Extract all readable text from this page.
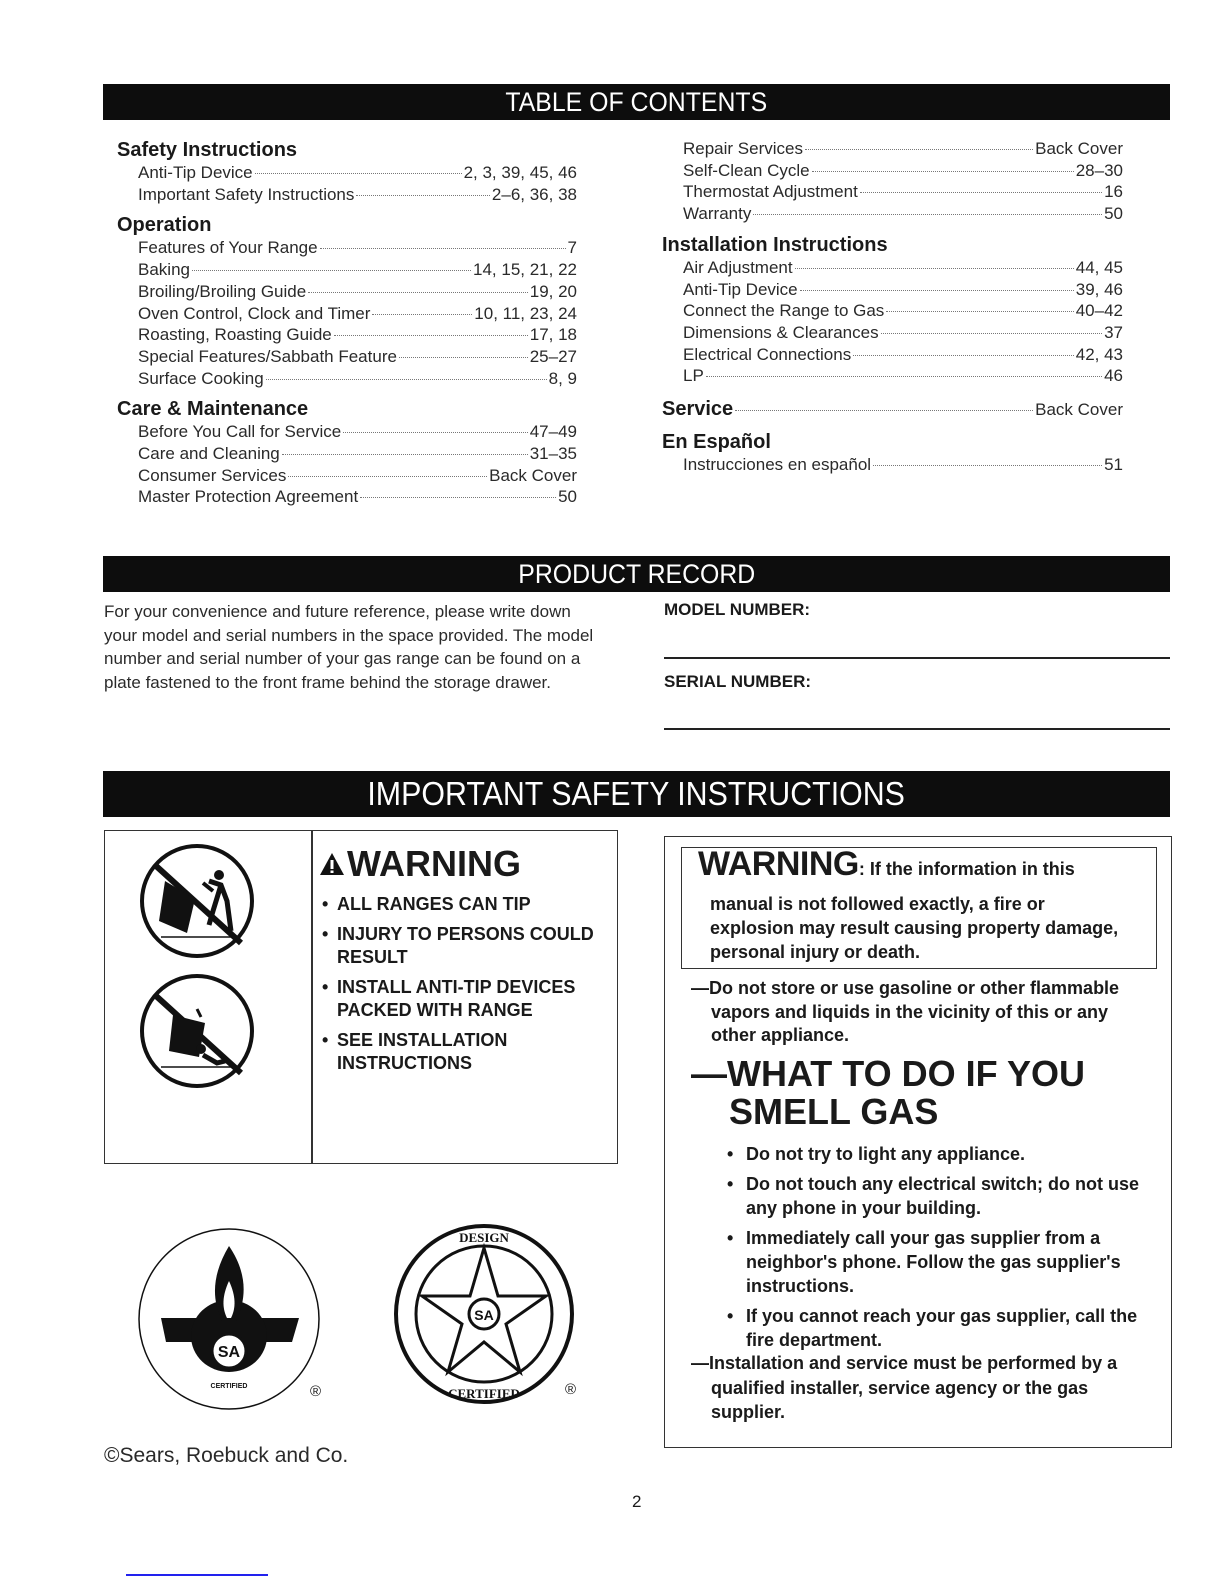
TABLE OF CONTENTS
Safety Instructions
Anti-Tip Device	2, 3, 39, 45, 46
Important Safety Instructions	2–6, 36, 38
Operation
Features of Your Range	7
Baking	14, 15, 21, 22
Broiling/Broiling Guide	19, 20
Oven Control, Clock and Timer	10, 11, 23, 24
Roasting, Roasting Guide	17, 18
Special Features/Sabbath Feature	25–27
Surface Cooking	8, 9
Care & Maintenance
Before You Call for Service	47–49
Care and Cleaning	31–35
Consumer Services	Back Cover
Master Protection Agreement	50
Repair Services	Back Cover
Self-Clean Cycle	28–30
Thermostat Adjustment	16
Warranty	50
Installation Instructions
Air Adjustment	44, 45
Anti-Tip Device	39, 46
Connect the Range to Gas	40–42
Dimensions & Clearances	37
Electrical Connections	42, 43
LP	46
Service	Back Cover
En Español
Instrucciones en español	51
PRODUCT RECORD
For your convenience and future reference, please write down your model and serial numbers in the space provided. The model number and serial number of your gas range can be found on a plate fastened to the front frame behind the storage drawer.
MODEL NUMBER:
SERIAL NUMBER:
IMPORTANT SAFETY INSTRUCTIONS
WARNING
• ALL RANGES CAN TIP
• INJURY TO PERSONS COULD RESULT
• INSTALL ANTI-TIP DEVICES PACKED WITH RANGE
• SEE INSTALLATION INSTRUCTIONS
WARNING: If the information in this
manual is not followed exactly, a fire or explosion may result causing property damage, personal injury or death.
—Do not store or use gasoline or other flammable vapors and liquids in the vicinity of this or any other appliance.
—WHAT TO DO IF YOU SMELL GAS
• Do not try to light any appliance.
• Do not touch any electrical switch; do not use any phone in your building.
• Immediately call your gas supplier from a neighbor's phone. Follow the gas supplier's instructions.
• If you cannot reach your gas supplier, call the fire department.
—Installation and service must be performed by a qualified installer, service agency or the gas supplier.
SA
CERTIFIED	®
SA
DESIGN
CERTIFIED	®
©Sears, Roebuck and Co.
2
